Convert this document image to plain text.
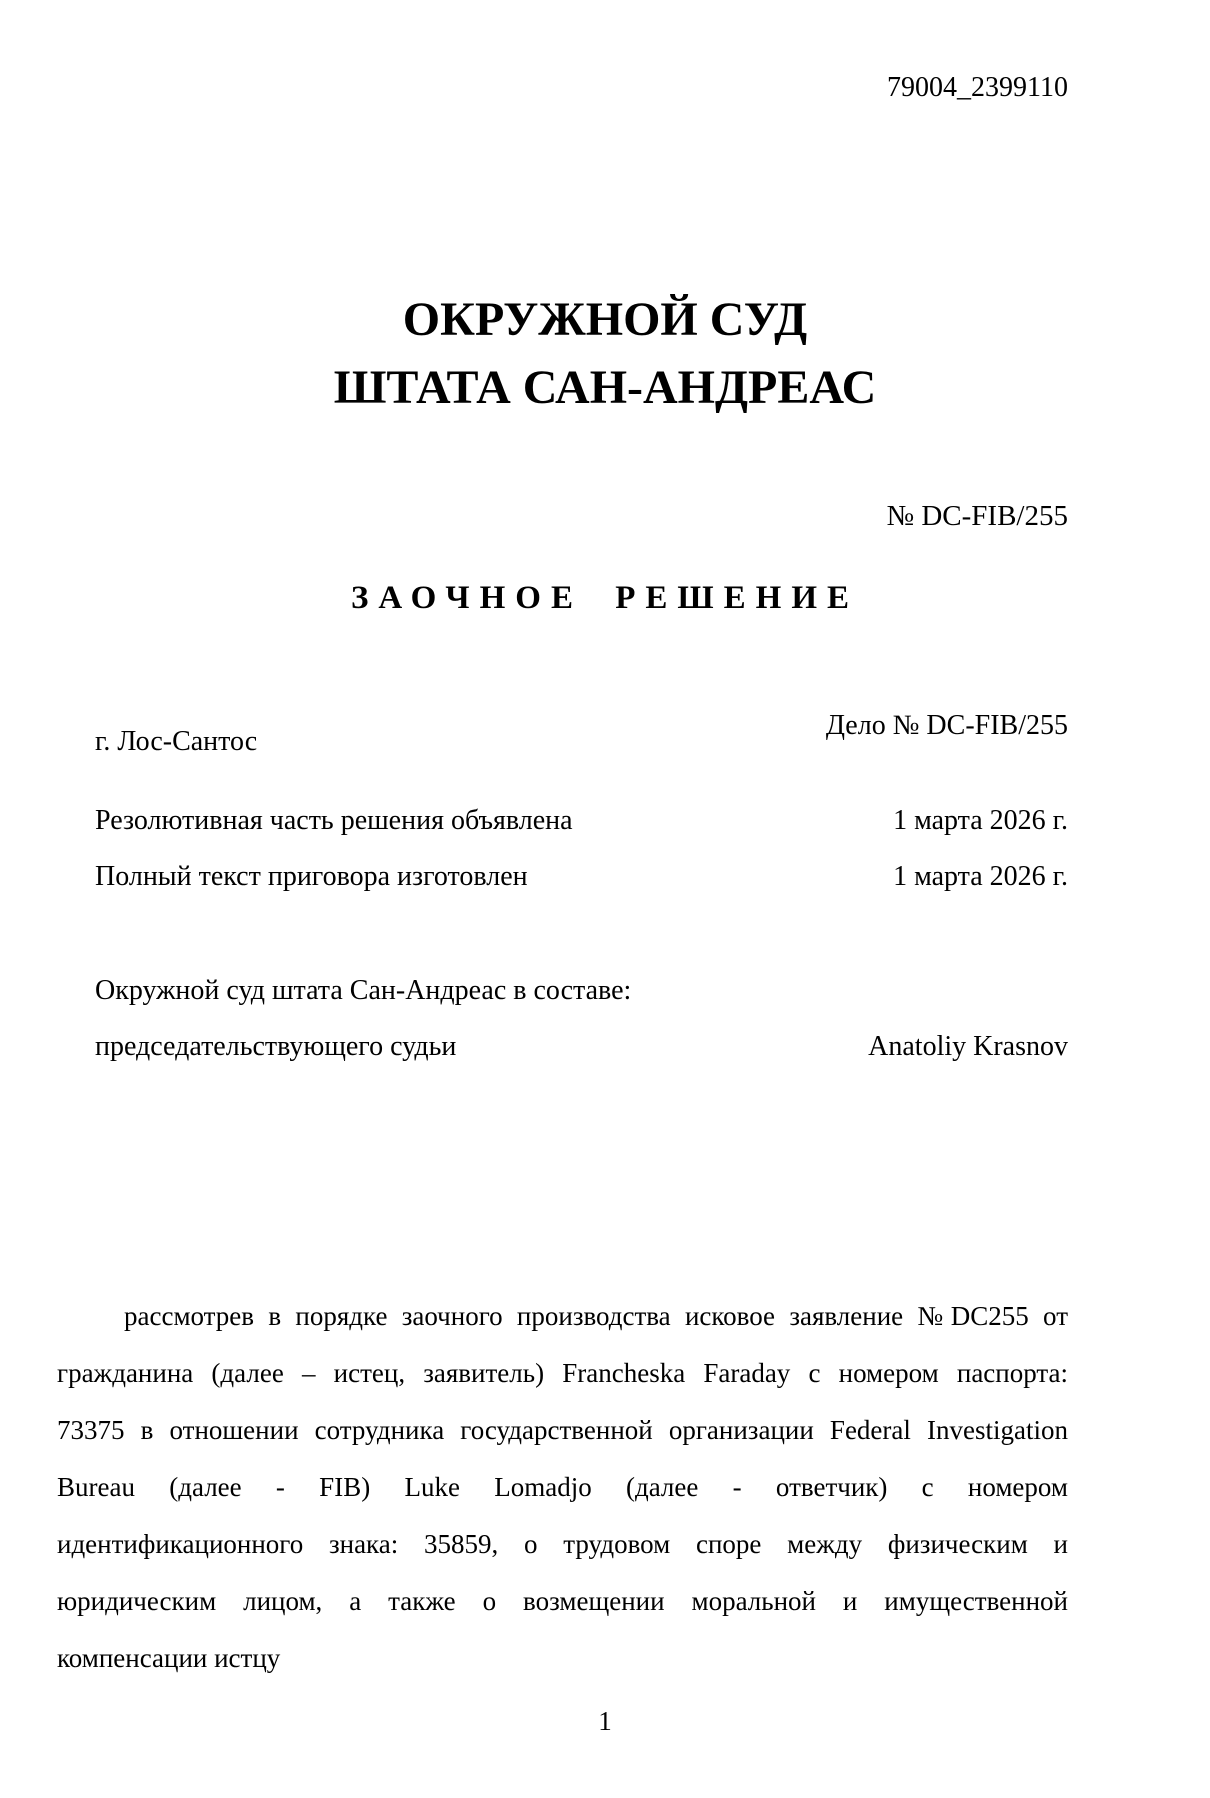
79004_2399110
ОКРУЖНОЙ СУД
ШТАТА САН-АНДРЕАС
№ DC-FIB/255
ЗАОЧНОЕ РЕШЕНИЕ
г. Лос-Сантос
Дело № DC-FIB/255
Резолютивная часть решения объявлена	1 марта 2026 г.
Полный текст приговора изготовлен	1 марта 2026 г.
Окружной суд штата Сан-Андреас в составе:
председательствующего судьи	Anatoliy Krasnov
рассмотрев в порядке заочного производства исковое заявление №DC255 от
гражданина (далее – истец, заявитель) Francheska Faraday с номером паспорта:
73375 в отношении сотрудника государственной организации Federal Investigation
Bureau (далее - FIB) Luke Lomadjo (далее - ответчик) с номером
идентификационного знака: 35859, о трудовом споре между физическим и
юридическим лицом, а также о возмещении моральной и имущественной
компенсации истцу
1
